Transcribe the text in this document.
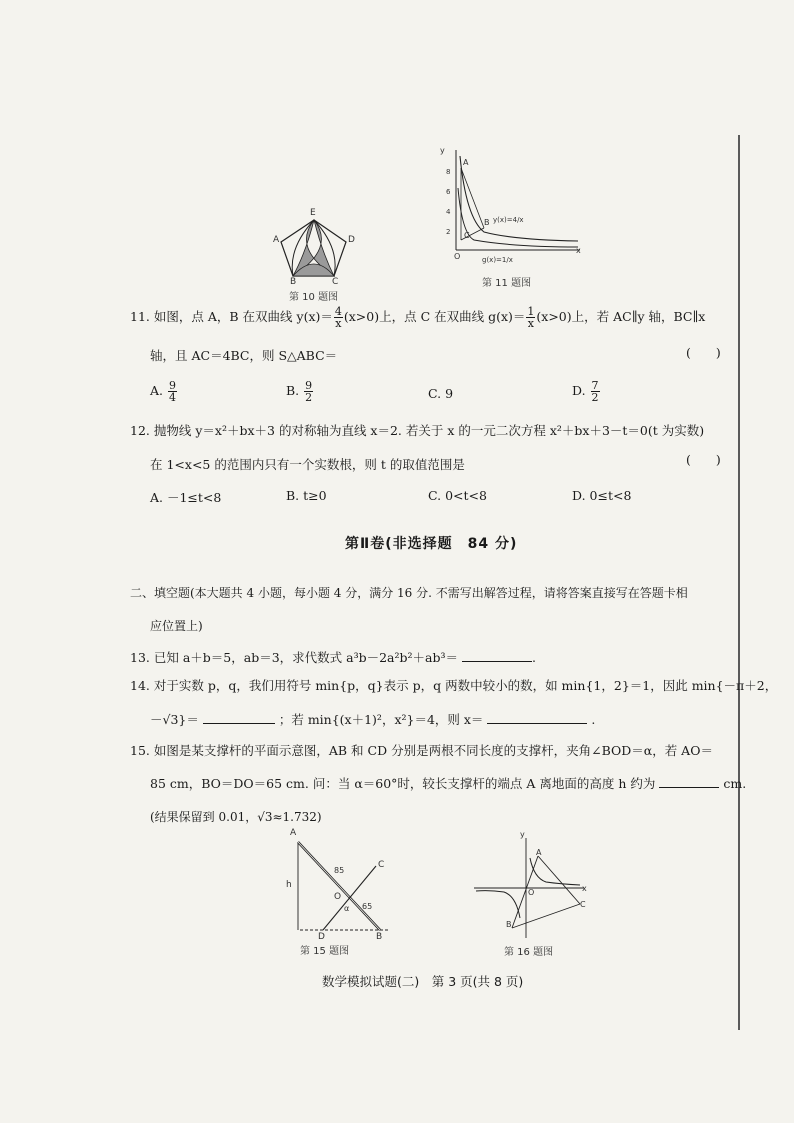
E
A	D
B	C
第 10 题图
y
x
O
A
B
C
y(x)=4/x
g(x)=1/x
8
6
4
2
第 11 题图
11. 如图，点 A，B 在双曲线 $y(x)= \frac{4}{x} (x>0)$上，点 C 在双曲线 $g(x)= \frac{1}{x} (x>0)$上，若 AC∥y 轴，BC∥x
轴，且 AC＝4BC，则 S△ABC＝	(　　)
A. $\frac{9}{4}$	B. $\frac{9}{2}$	C. 9	D. $\frac{7}{2}$
12. 抛物线 y＝x²＋bx＋3 的对称轴为直线 x＝2. 若关于 x 的一元二次方程 x²＋bx＋3－t＝0(t 为实数)
在 1<x<5 的范围内只有一个实数根，则 t 的取值范围是	(　　)
A. －1≤t<8	B. t≥0	C. 0<t<8	D. 0≤t<8
第Ⅱ卷(非选择题　84 分)
二、填空题(本大题共 4 小题，每小题 4 分，满分 16 分. 不需写出解答过程，请将答案直接写在答题卡相
应位置上)
13. 已知 a＋b＝5，ab＝3，求代数式 a³b－2a²b²＋ab³＝	.
14. 对于实数 p，q，我们用符号 min{p，q}表示 p，q 两数中较小的数，如 min{1，2}＝1，因此 min{－π＋2，
－√3}＝	；若 min{(x＋1)²，x²}＝4，则 x＝	.
15. 如图是某支撑杆的平面示意图，AB 和 CD 分别是两根不同长度的支撑杆，夹角∠BOD＝α，若 AO＝
85 cm，BO＝DO＝65 cm. 问：当 α＝60°时，较长支撑杆的端点 A 离地面的高度 h 约为	cm.
(结果保留到 0.01，√3≈1.732)
A
C
O
D	B
h
α
85
65
第 15 题图
y
A
O	x
B
C
第 16 题图
数学模拟试题(二)　第 3 页(共 8 页)
